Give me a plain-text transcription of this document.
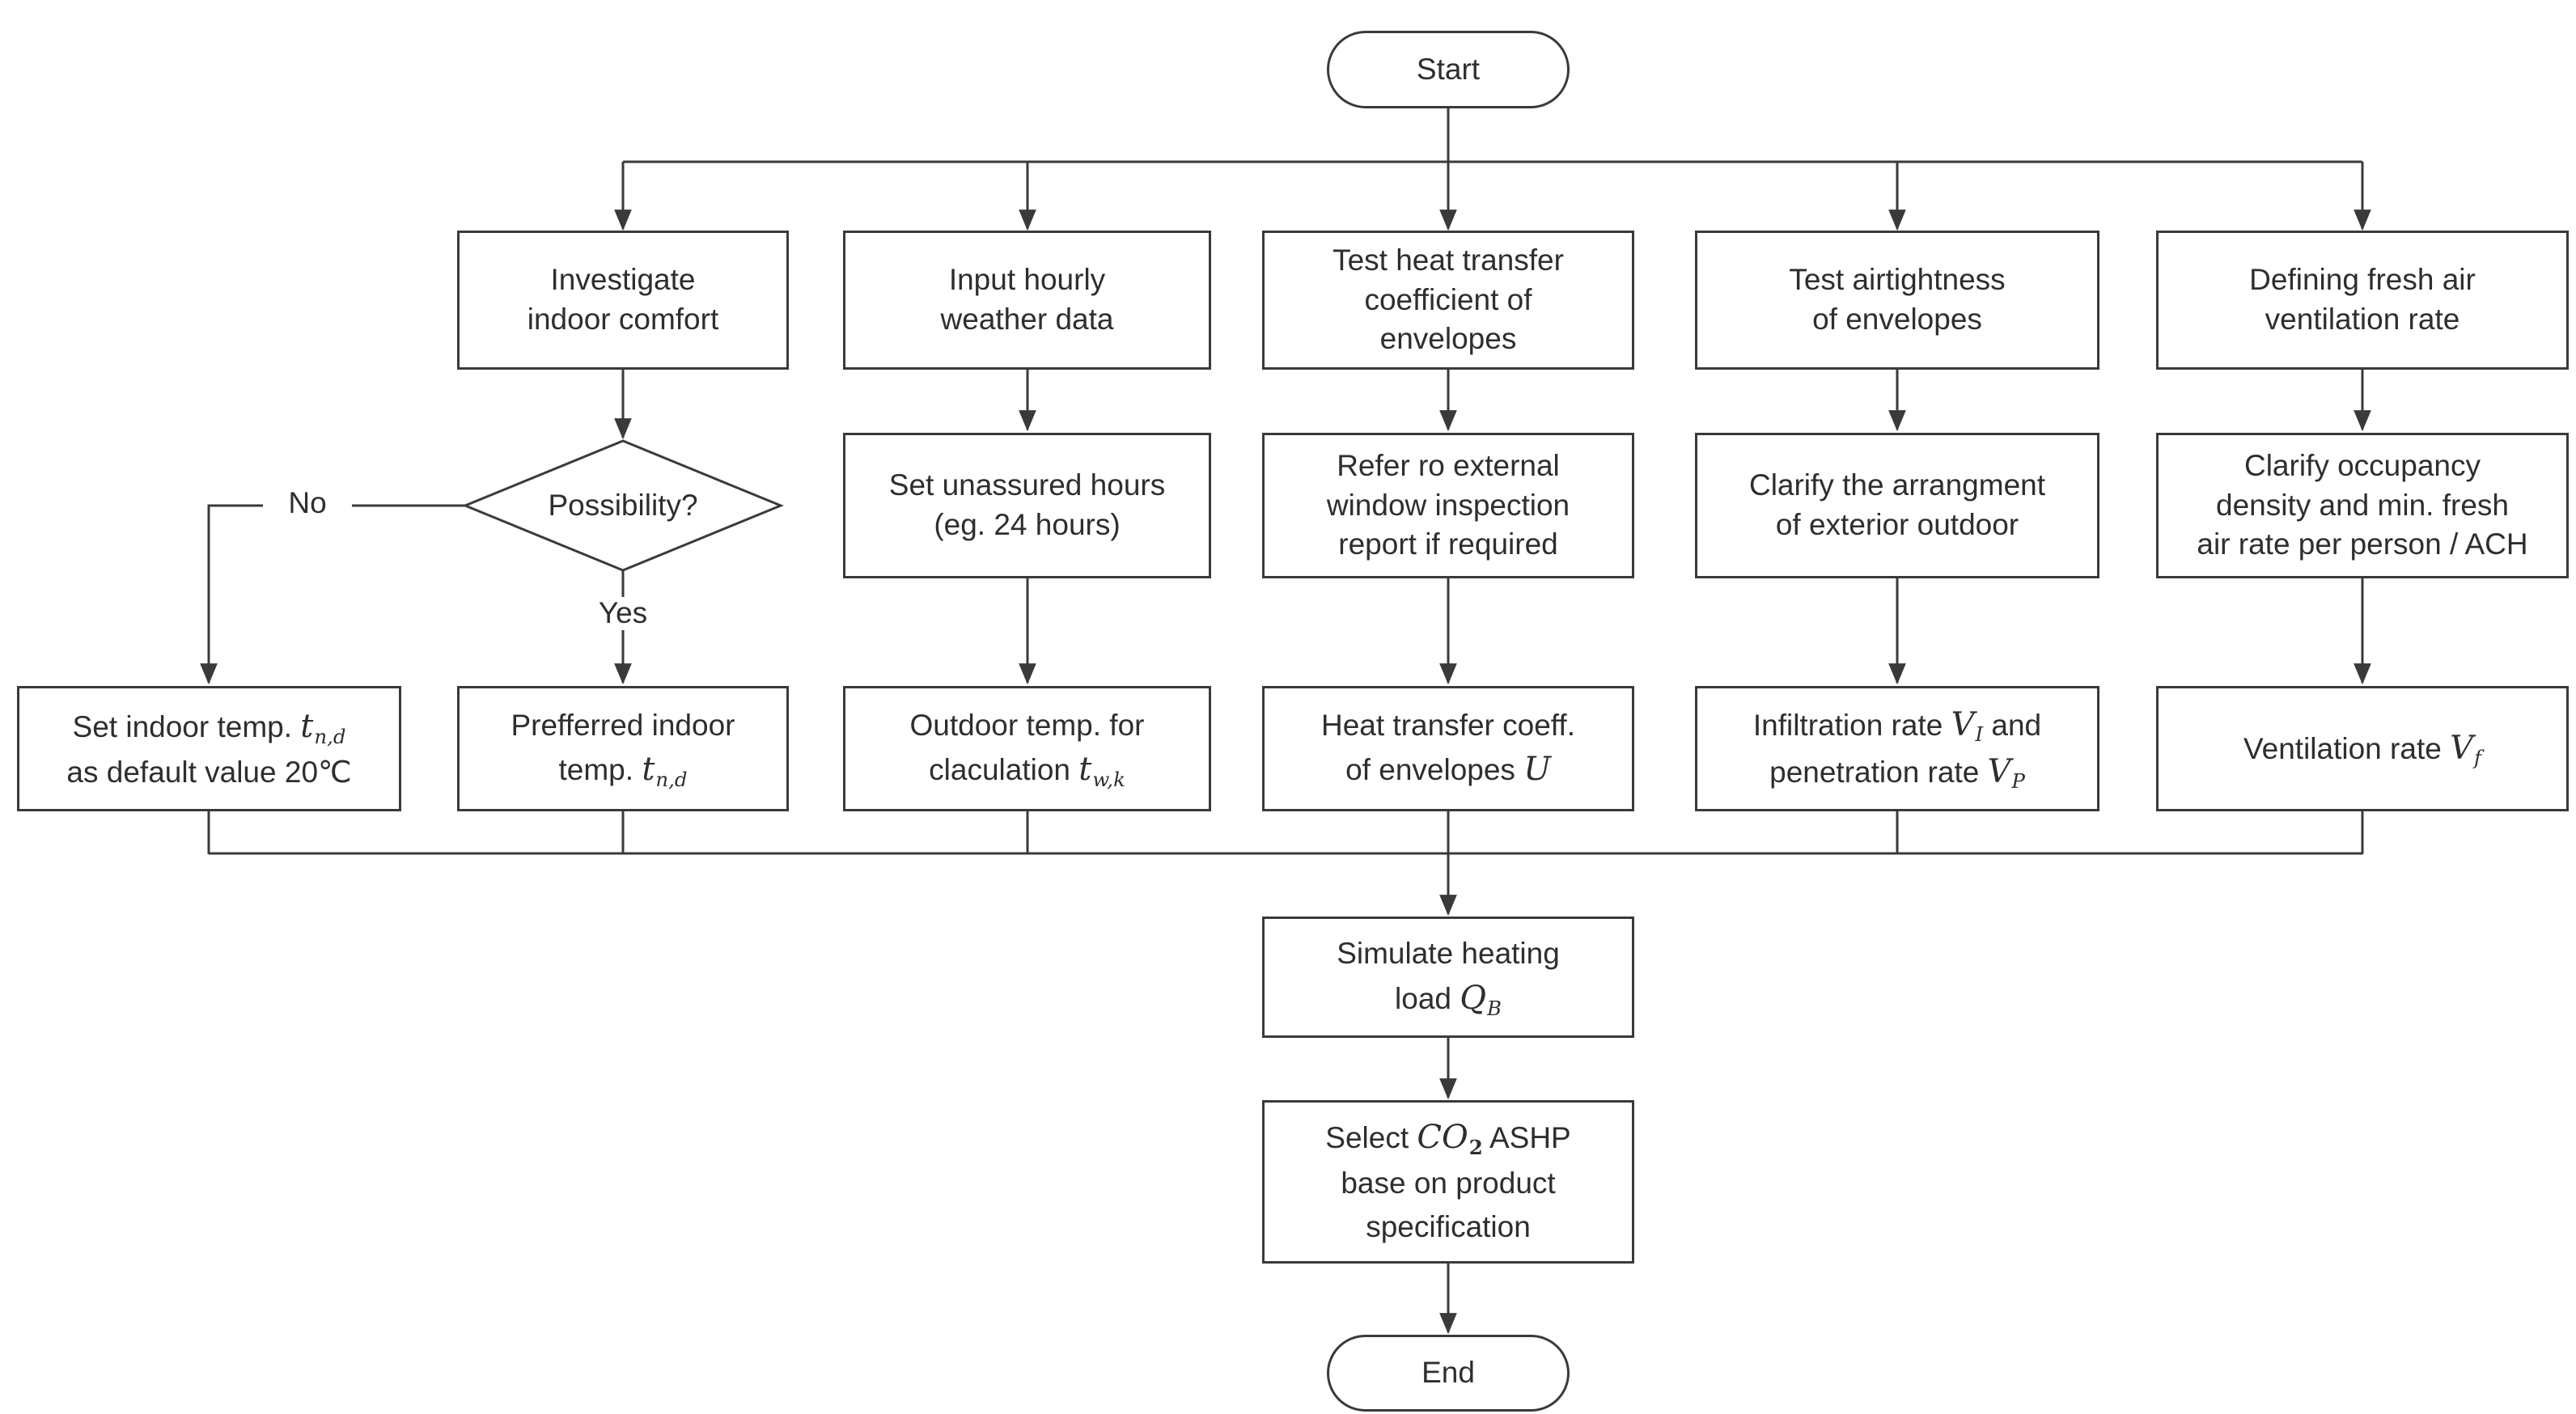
Start
Investigate
indoor comfort
Input hourly
weather data
Test heat transfer
coefficient of
envelopes
Test airtightness
of envelopes
Defining fresh air
ventilation rate
Possibility?
Set unassured hours
(eg. 24 hours)
Refer ro external
window inspection
report if required
Clarify the arrangment
of exterior outdoor
Clarify occupancy
density and min. fresh
air rate per person / ACH
No
Yes
Set indoor temp. $t_{n,d}$
as default value 20℃
Prefferred indoor
temp. $t_{n,d}$
Outdoor temp. for
claculation $t_{w,k}$
Heat transfer coeff.
of envelopes U
Infiltration rate $V_I$ and
penetration rate $V_P$
Ventilation rate $V_f$
Simulate heating
load $Q_B$
Select $CO_2$ ASHP
base on product
specification
End
